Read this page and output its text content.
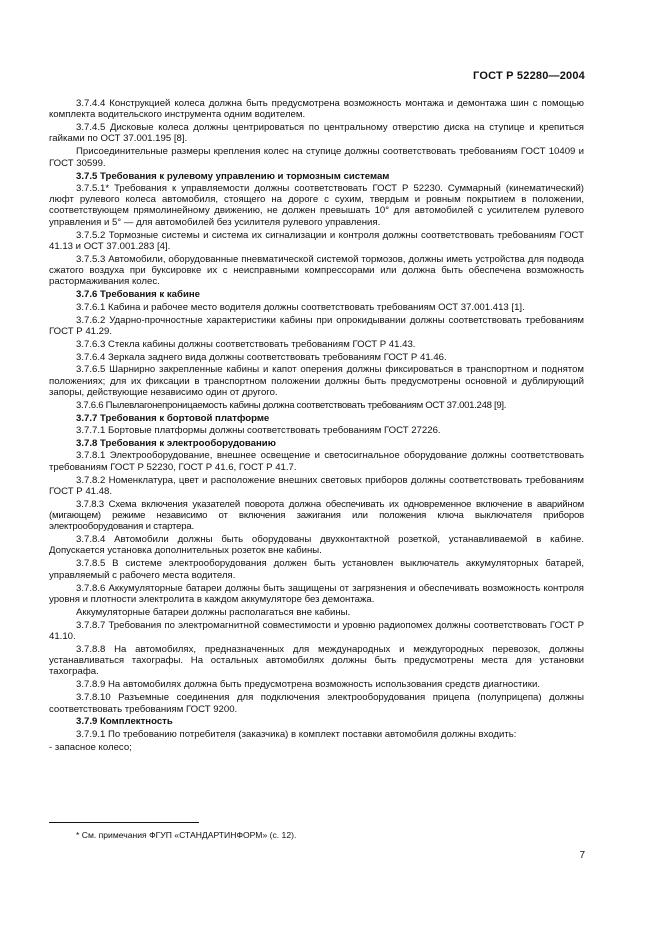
ГОСТ Р 52280—2004

3.7.4.4 Конструкцией колеса должна быть предусмотрена возможность монтажа и демонтажа шин с помощью комплекта водительского инструмента одним водителем.

3.7.4.5 Дисковые колеса должны центрироваться по центральному отверстию диска на ступице и крепиться гайками по ОСТ 37.001.195 [8].

Присоединительные размеры крепления колес на ступице должны соответствовать требованиям ГОСТ 10409 и ГОСТ 30599.

3.7.5 Требования к рулевому управлению и тормозным системам

3.7.5.1* Требования к управляемости должны соответствовать ГОСТ Р 52230. Суммарный (кинематический) люфт рулевого колеса автомобиля, стоящего на дороге с сухим, твердым и ровным покрытием в положении, соответствующем прямолинейному движению, не должен превышать 10° для автомобилей с усилителем рулевого управления и 5° — для автомобилей без усилителя рулевого управления.

3.7.5.2 Тормозные системы и система их сигнализации и контроля должны соответствовать требованиям ГОСТ 41.13 и ОСТ 37.001.283 [4].

3.7.5.3 Автомобили, оборудованные пневматической системой тормозов, должны иметь устройства для подвода сжатого воздуха при буксировке их с неисправными компрессорами или должна быть обеспечена возможность растормаживания колес.

3.7.6 Требования к кабине

3.7.6.1 Кабина и рабочее место водителя должны соответствовать требованиям ОСТ 37.001.413 [1].

3.7.6.2 Ударно-прочностные характеристики кабины при опрокидывании должны соответствовать требованиям ГОСТ Р 41.29.

3.7.6.3 Стекла кабины должны соответствовать требованиям ГОСТ Р 41.43.

3.7.6.4 Зеркала заднего вида должны соответствовать требованиям ГОСТ Р 41.46.

3.7.6.5 Шарнирно закрепленные кабины и капот оперения должны фиксироваться в транспортном и поднятом положениях; для их фиксации в транспортном положении должны быть предусмотрены основной и дублирующий запоры, действующие независимо один от другого.

3.7.6.6 Пылевлагонепроницаемость кабины должна соответствовать требованиям ОСТ 37.001.248 [9].

3.7.7 Требования к бортовой платформе

3.7.7.1 Бортовые платформы должны соответствовать требованиям ГОСТ 27226.

3.7.8 Требования к электрооборудованию

3.7.8.1 Электрооборудование, внешнее освещение и светосигнальное оборудование должны соответствовать требованиям ГОСТ Р 52230, ГОСТ Р 41.6, ГОСТ Р 41.7.

3.7.8.2 Номенклатура, цвет и расположение внешних световых приборов должны соответствовать требованиям ГОСТ Р 41.48.

3.7.8.3 Схема включения указателей поворота должна обеспечивать их одновременное включение в аварийном (мигающем) режиме независимо от включения зажигания или положения ключа выключателя приборов электрооборудования и стартера.

3.7.8.4 Автомобили должны быть оборудованы двухконтактной розеткой, устанавливаемой в кабине. Допускается установка дополнительных розеток вне кабины.

3.7.8.5 В системе электрооборудования должен быть установлен выключатель аккумуляторных батарей, управляемый с рабочего места водителя.

3.7.8.6 Аккумуляторные батареи должны быть защищены от загрязнения и обеспечивать возможность контроля уровня и плотности электролита в каждом аккумуляторе без демонтажа.

Аккумуляторные батареи должны располагаться вне кабины.

3.7.8.7 Требования по электромагнитной совместимости и уровню радиопомех должны соответствовать ГОСТ Р 41.10.

3.7.8.8 На автомобилях, предназначенных для международных и междугородных перевозок, должны устанавливаться тахографы. На остальных автомобилях должны быть предусмотрены места для установки тахографа.

3.7.8.9 На автомобилях должна быть предусмотрена возможность использования средств диагностики.

3.7.8.10 Разъемные соединения для подключения электрооборудования прицепа (полуприцепа) должны соответствовать требованиям ГОСТ 9200.

3.7.9 Комплектность

3.7.9.1 По требованию потребителя (заказчика) в комплект поставки автомобиля должны входить:

- запасное колесо;

* См. примечания ФГУП «СТАНДАРТИНФОРМ» (с. 12).
7
